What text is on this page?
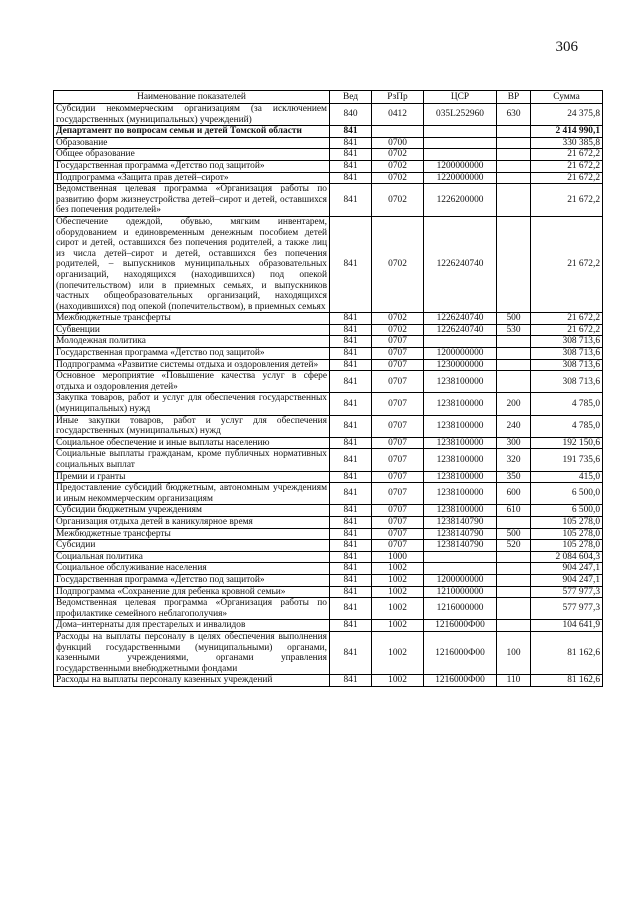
306
Наименование показателей	Вед	РзПр	ЦСР	ВР	Сумма
Субсидии некоммерческим организациям (за исключением государственных (муниципальных) учреждений)	840	0412	035L252960	630	24 375,8
Департамент по вопросам семьи и детей Томской области	841				2 414 990,1
Образование	841	0700			330 385,8
Общее образование	841	0702			21 672,2
Государственная программа «Детство под защитой»	841	0702	1200000000		21 672,2
Подпрограмма «Защита прав детей–сирот»	841	0702	1220000000		21 672,2
Ведомственная целевая программа «Организация работы по развитию форм жизнеустройства детей–сирот и детей, оставшихся без попечения родителей»	841	0702	1226200000		21 672,2
Обеспечение одеждой, обувью, мягким инвентарем, оборудованием и единовременным денежным пособием детей сирот и детей, оставшихся без попечения родителей, а также лиц из числа детей–сирот и детей, оставшихся без попечения родителей, – выпускников муниципальных образовательных организаций, находящихся (находившихся) под опекой (попечительством) или в приемных семьях, и выпускников частных общеобразовательных организаций, находящихся (находившихся) под опекой (попечительством), в приемных семьях	841	0702	1226240740		21 672,2
Межбюджетные трансферты	841	0702	1226240740	500	21 672,2
Субвенции	841	0702	1226240740	530	21 672,2
Молодежная политика	841	0707			308 713,6
Государственная программа «Детство под защитой»	841	0707	1200000000		308 713,6
Подпрограмма «Развитие системы отдыха и оздоровления детей»	841	0707	1230000000		308 713,6
Основное мероприятие «Повышение качества услуг в сфере отдыха и оздоровления детей»	841	0707	1238100000		308 713,6
Закупка товаров, работ и услуг для обеспечения государственных (муниципальных) нужд	841	0707	1238100000	200	4 785,0
Иные закупки товаров, работ и услуг для обеспечения государственных (муниципальных) нужд	841	0707	1238100000	240	4 785,0
Социальное обеспечение и иные выплаты населению	841	0707	1238100000	300	192 150,6
Социальные выплаты гражданам, кроме публичных нормативных социальных выплат	841	0707	1238100000	320	191 735,6
Премии и гранты	841	0707	1238100000	350	415,0
Предоставление субсидий бюджетным, автономным учреждениям и иным некоммерческим организациям	841	0707	1238100000	600	6 500,0
Субсидии бюджетным учреждениям	841	0707	1238100000	610	6 500,0
Организация отдыха детей в каникулярное время	841	0707	1238140790		105 278,0
Межбюджетные трансферты	841	0707	1238140790	500	105 278,0
Субсидии	841	0707	1238140790	520	105 278,0
Социальная политика	841	1000			2 084 604,3
Социальное обслуживание населения	841	1002			904 247,1
Государственная программа «Детство под защитой»	841	1002	1200000000		904 247,1
Подпрограмма «Сохранение для ребенка кровной семьи»	841	1002	1210000000		577 977,3
Ведомственная целевая программа «Организация работы по профилактике семейного неблагополучия»	841	1002	1216000000		577 977,3
Дома–интернаты для престарелых и инвалидов	841	1002	1216000Ф00		104 641,9
Расходы на выплаты персоналу в целях обеспечения выполнения функций государственными (муниципальными) органами, казенными учреждениями, органами управления государственными внебюджетными фондами	841	1002	1216000Ф00	100	81 162,6
Расходы на выплаты персоналу казенных учреждений	841	1002	1216000Ф00	110	81 162,6
